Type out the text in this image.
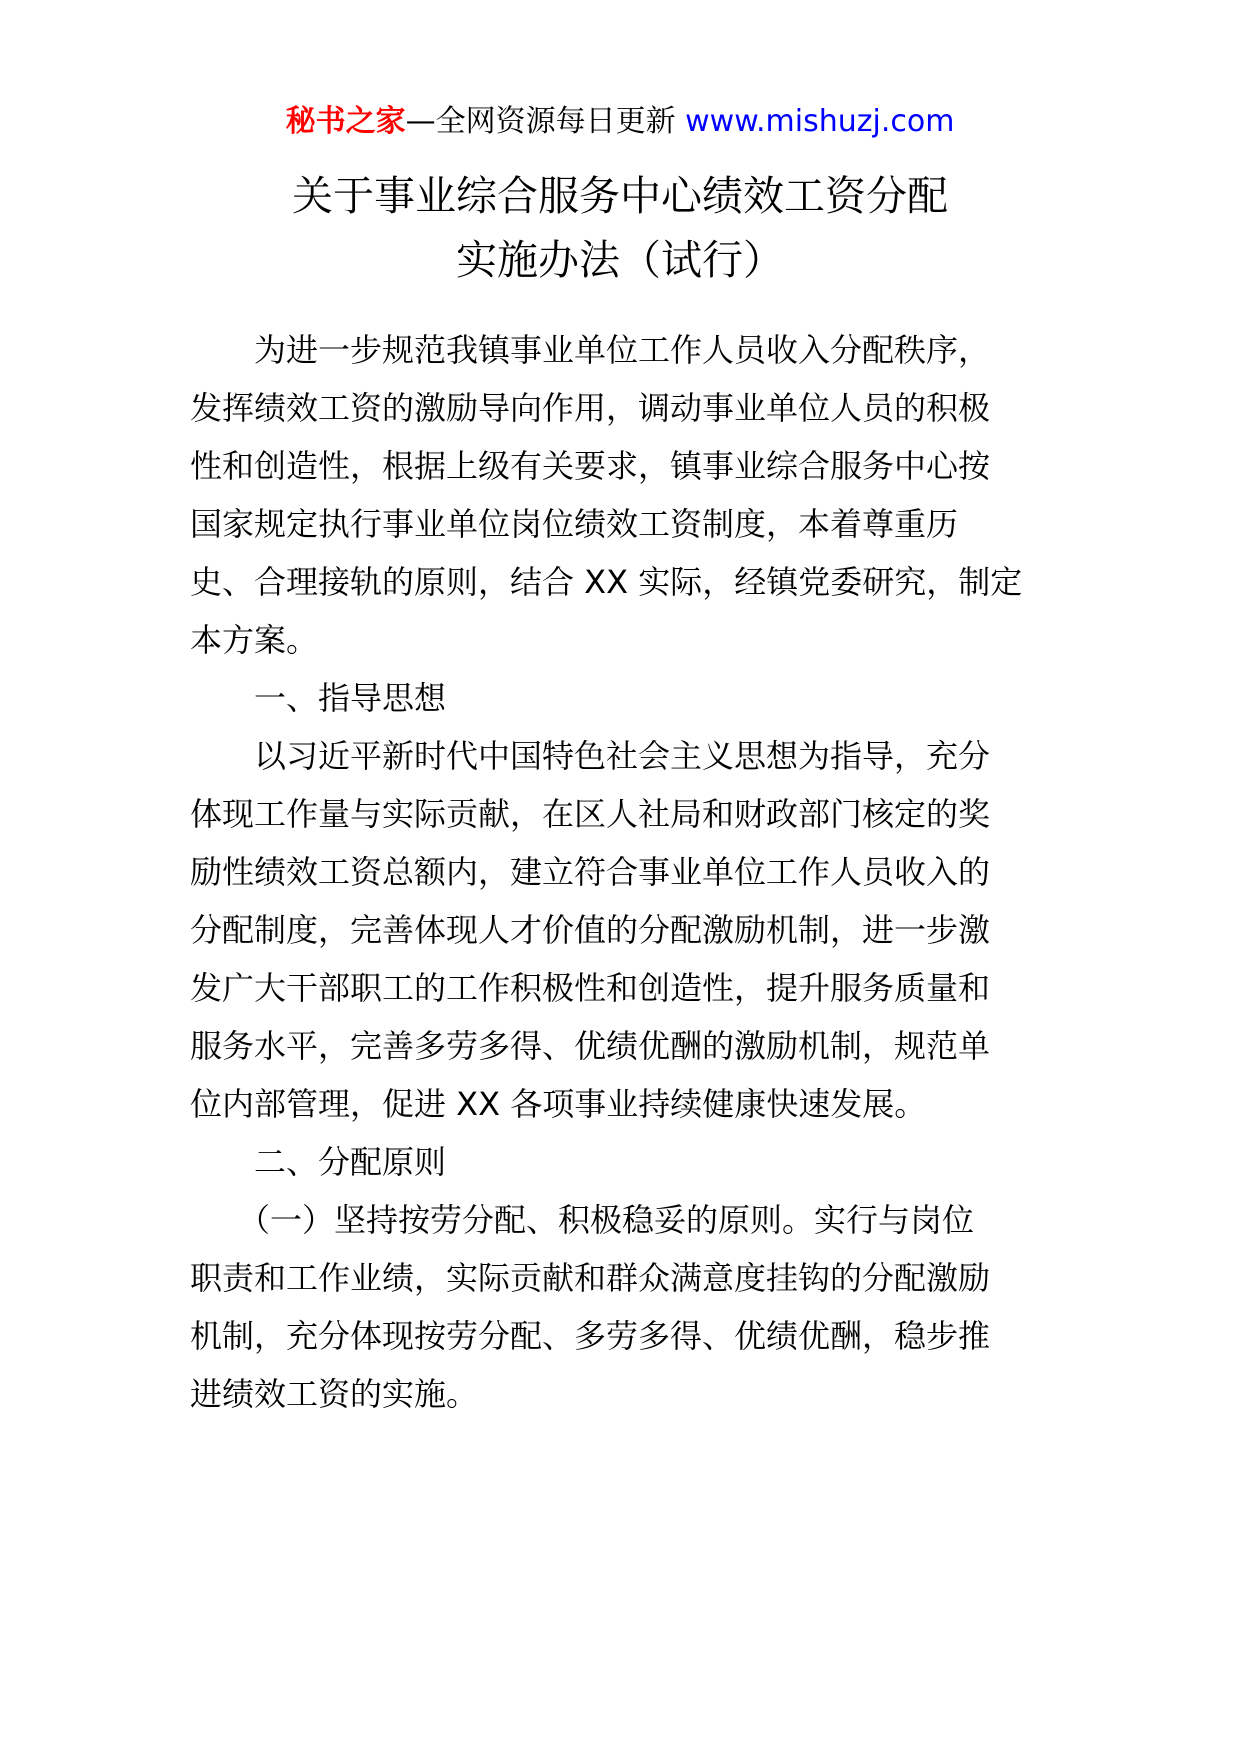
秘书之家—全网资源每日更新 www.mishuzj.com
关于事业综合服务中心绩效工资分配
实施办法（试行）
　　为进一步规范我镇事业单位工作人员收入分配秩序，
发挥绩效工资的激励导向作用，调动事业单位人员的积极
性和创造性，根据上级有关要求，镇事业综合服务中心按
国家规定执行事业单位岗位绩效工资制度，本着尊重历
史、合理接轨的原则，结合 XX 实际，经镇党委研究，制定
本方案。
　　一、指导思想
　　以习近平新时代中国特色社会主义思想为指导，充分
体现工作量与实际贡献，在区人社局和财政部门核定的奖
励性绩效工资总额内，建立符合事业单位工作人员收入的
分配制度，完善体现人才价值的分配激励机制，进一步激
发广大干部职工的工作积极性和创造性，提升服务质量和
服务水平，完善多劳多得、优绩优酬的激励机制，规范单
位内部管理，促进 XX 各项事业持续健康快速发展。
　　二、分配原则
　　（一）坚持按劳分配、积极稳妥的原则。实行与岗位
职责和工作业绩，实际贡献和群众满意度挂钩的分配激励
机制，充分体现按劳分配、多劳多得、优绩优酬，稳步推
进绩效工资的实施。
